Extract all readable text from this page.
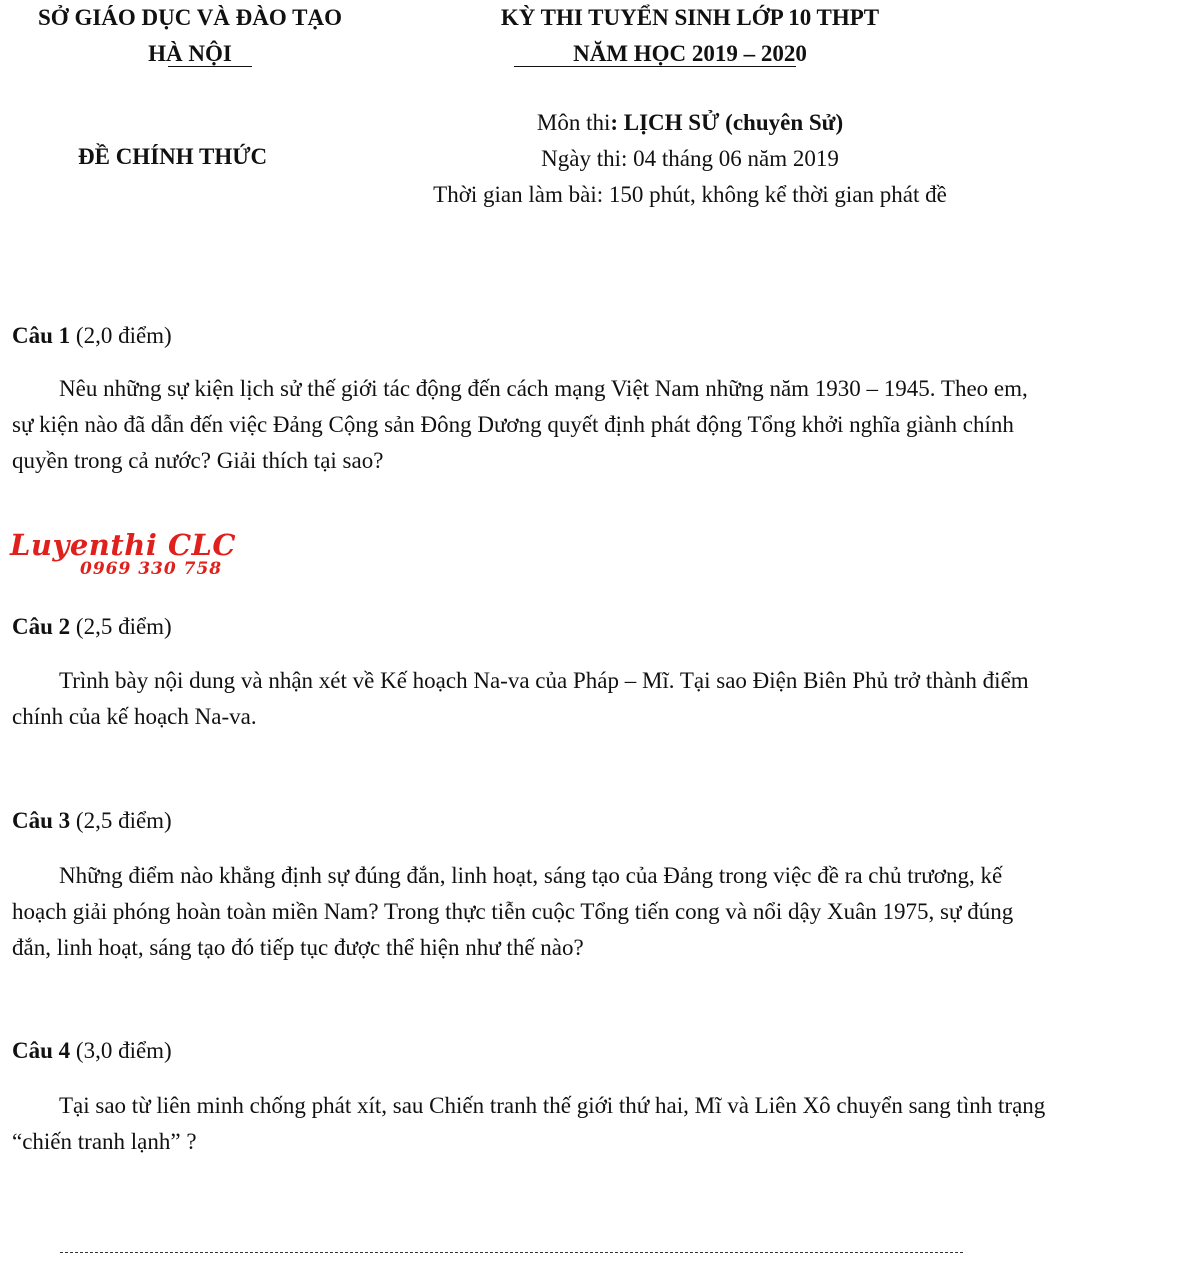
SỞ GIÁO DỤC VÀ ĐÀO TẠO
HÀ NỘI
KỲ THI TUYỂN SINH LỚP 10 THPT
NĂM HỌC 2019 – 2020
ĐỀ CHÍNH THỨC
Môn thi: LỊCH SỬ (chuyên Sử)
Ngày thi: 04 tháng 06 năm 2019
Thời gian làm bài: 150 phút, không kể thời gian phát đề
Câu 1 (2,0 điểm)
Nêu những sự kiện lịch sử thế giới tác động đến cách mạng Việt Nam những năm 1930 – 1945. Theo em, sự kiện nào đã dẫn đến việc Đảng Cộng sản Đông Dương quyết định phát động Tổng khởi nghĩa giành chính quyền trong cả nước? Giải thích tại sao?
Luyenthi CLC
0969 330 758
Câu 2 (2,5 điểm)
Trình bày nội dung và nhận xét về Kế hoạch Na-va của Pháp – Mĩ. Tại sao Điện Biên Phủ trở thành điểm chính của kế hoạch Na-va.
Câu 3 (2,5 điểm)
Những điểm nào khẳng định sự đúng đắn, linh hoạt, sáng tạo của Đảng trong việc đề ra chủ trương, kế hoạch giải phóng hoàn toàn miền Nam? Trong thực tiễn cuộc Tổng tiến cong và nổi dậy Xuân 1975, sự đúng đắn, linh hoạt, sáng tạo đó tiếp tục được thể hiện như thế nào?
Câu 4 (3,0 điểm)
Tại sao từ liên minh chống phát xít, sau Chiến tranh thế giới thứ hai, Mĩ và Liên Xô chuyển sang tình trạng “chiến tranh lạnh” ?
